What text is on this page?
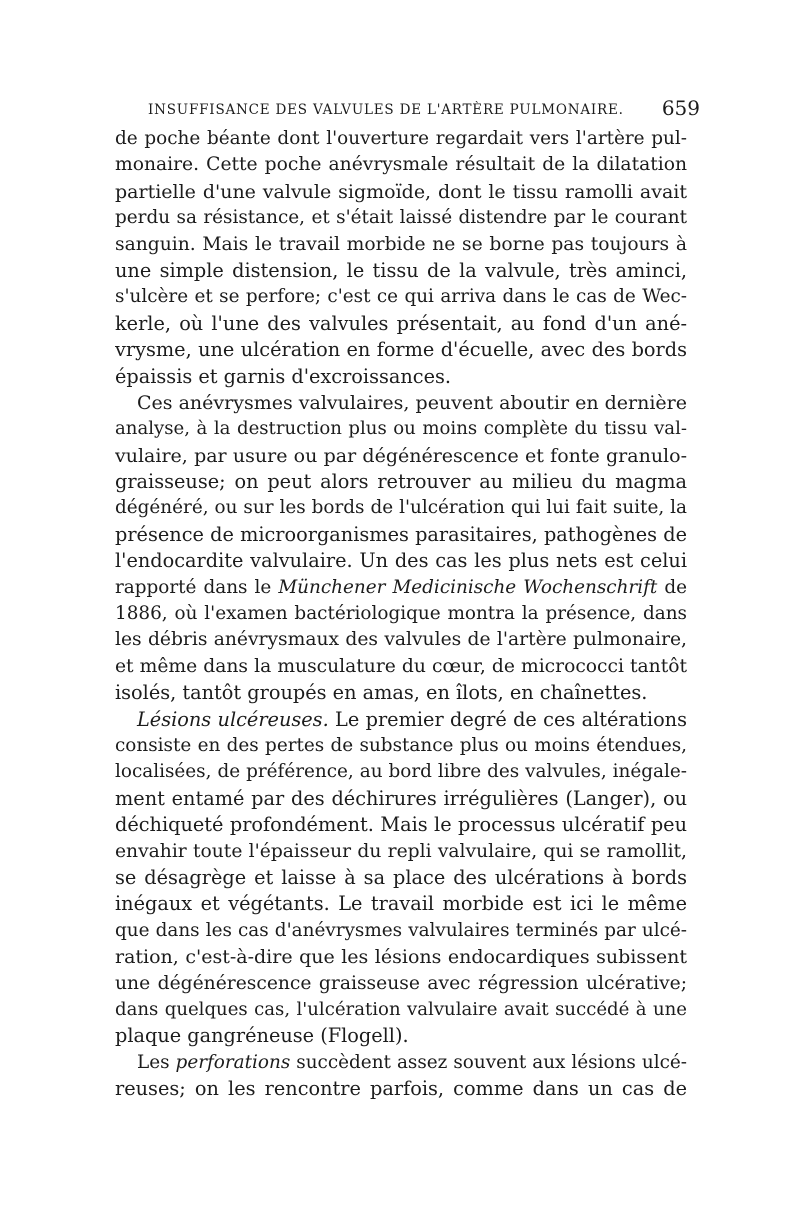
INSUFFISANCE DES VALVULES DE L'ARTÈRE PULMONAIRE. 659
de poche béante dont l'ouverture regardait vers l'artère pul-
monaire. Cette poche anévrysmale résultait de la dilatation
partielle d'une valvule sigmoïde, dont le tissu ramolli avait
perdu sa résistance, et s'était laissé distendre par le courant
sanguin. Mais le travail morbide ne se borne pas toujours à
une simple distension, le tissu de la valvule, très aminci,
s'ulcère et se perfore; c'est ce qui arriva dans le cas de Wec-
kerle, où l'une des valvules présentait, au fond d'un ané-
vrysme, une ulcération en forme d'écuelle, avec des bords
épaissis et garnis d'excroissances.
Ces anévrysmes valvulaires, peuvent aboutir en dernière
analyse, à la destruction plus ou moins complète du tissu val-
vulaire, par usure ou par dégénérescence et fonte granulo-
graisseuse; on peut alors retrouver au milieu du magma
dégénéré, ou sur les bords de l'ulcération qui lui fait suite, la
présence de microorganismes parasitaires, pathogènes de
l'endocardite valvulaire. Un des cas les plus nets est celui
rapporté dans le Münchener Medicinische Wochenschrift de
1886, où l'examen bactériologique montra la présence, dans
les débris anévrysmaux des valvules de l'artère pulmonaire,
et même dans la musculature du cœur, de micrococci tantôt
isolés, tantôt groupés en amas, en îlots, en chaînettes.
Lésions ulcéreuses. Le premier degré de ces altérations
consiste en des pertes de substance plus ou moins étendues,
localisées, de préférence, au bord libre des valvules, inégale-
ment entamé par des déchirures irrégulières (Langer), ou
déchiqueté profondément. Mais le processus ulcératif peu
envahir toute l'épaisseur du repli valvulaire, qui se ramollit,
se désagrège et laisse à sa place des ulcérations à bords
inégaux et végétants. Le travail morbide est ici le même
que dans les cas d'anévrysmes valvulaires terminés par ulcé-
ration, c'est-à-dire que les lésions endocardiques subissent
une dégénérescence graisseuse avec régression ulcérative;
dans quelques cas, l'ulcération valvulaire avait succédé à une
plaque gangréneuse (Flogell).
Les perforations succèdent assez souvent aux lésions ulcé-
reuses; on les rencontre parfois, comme dans un cas de
